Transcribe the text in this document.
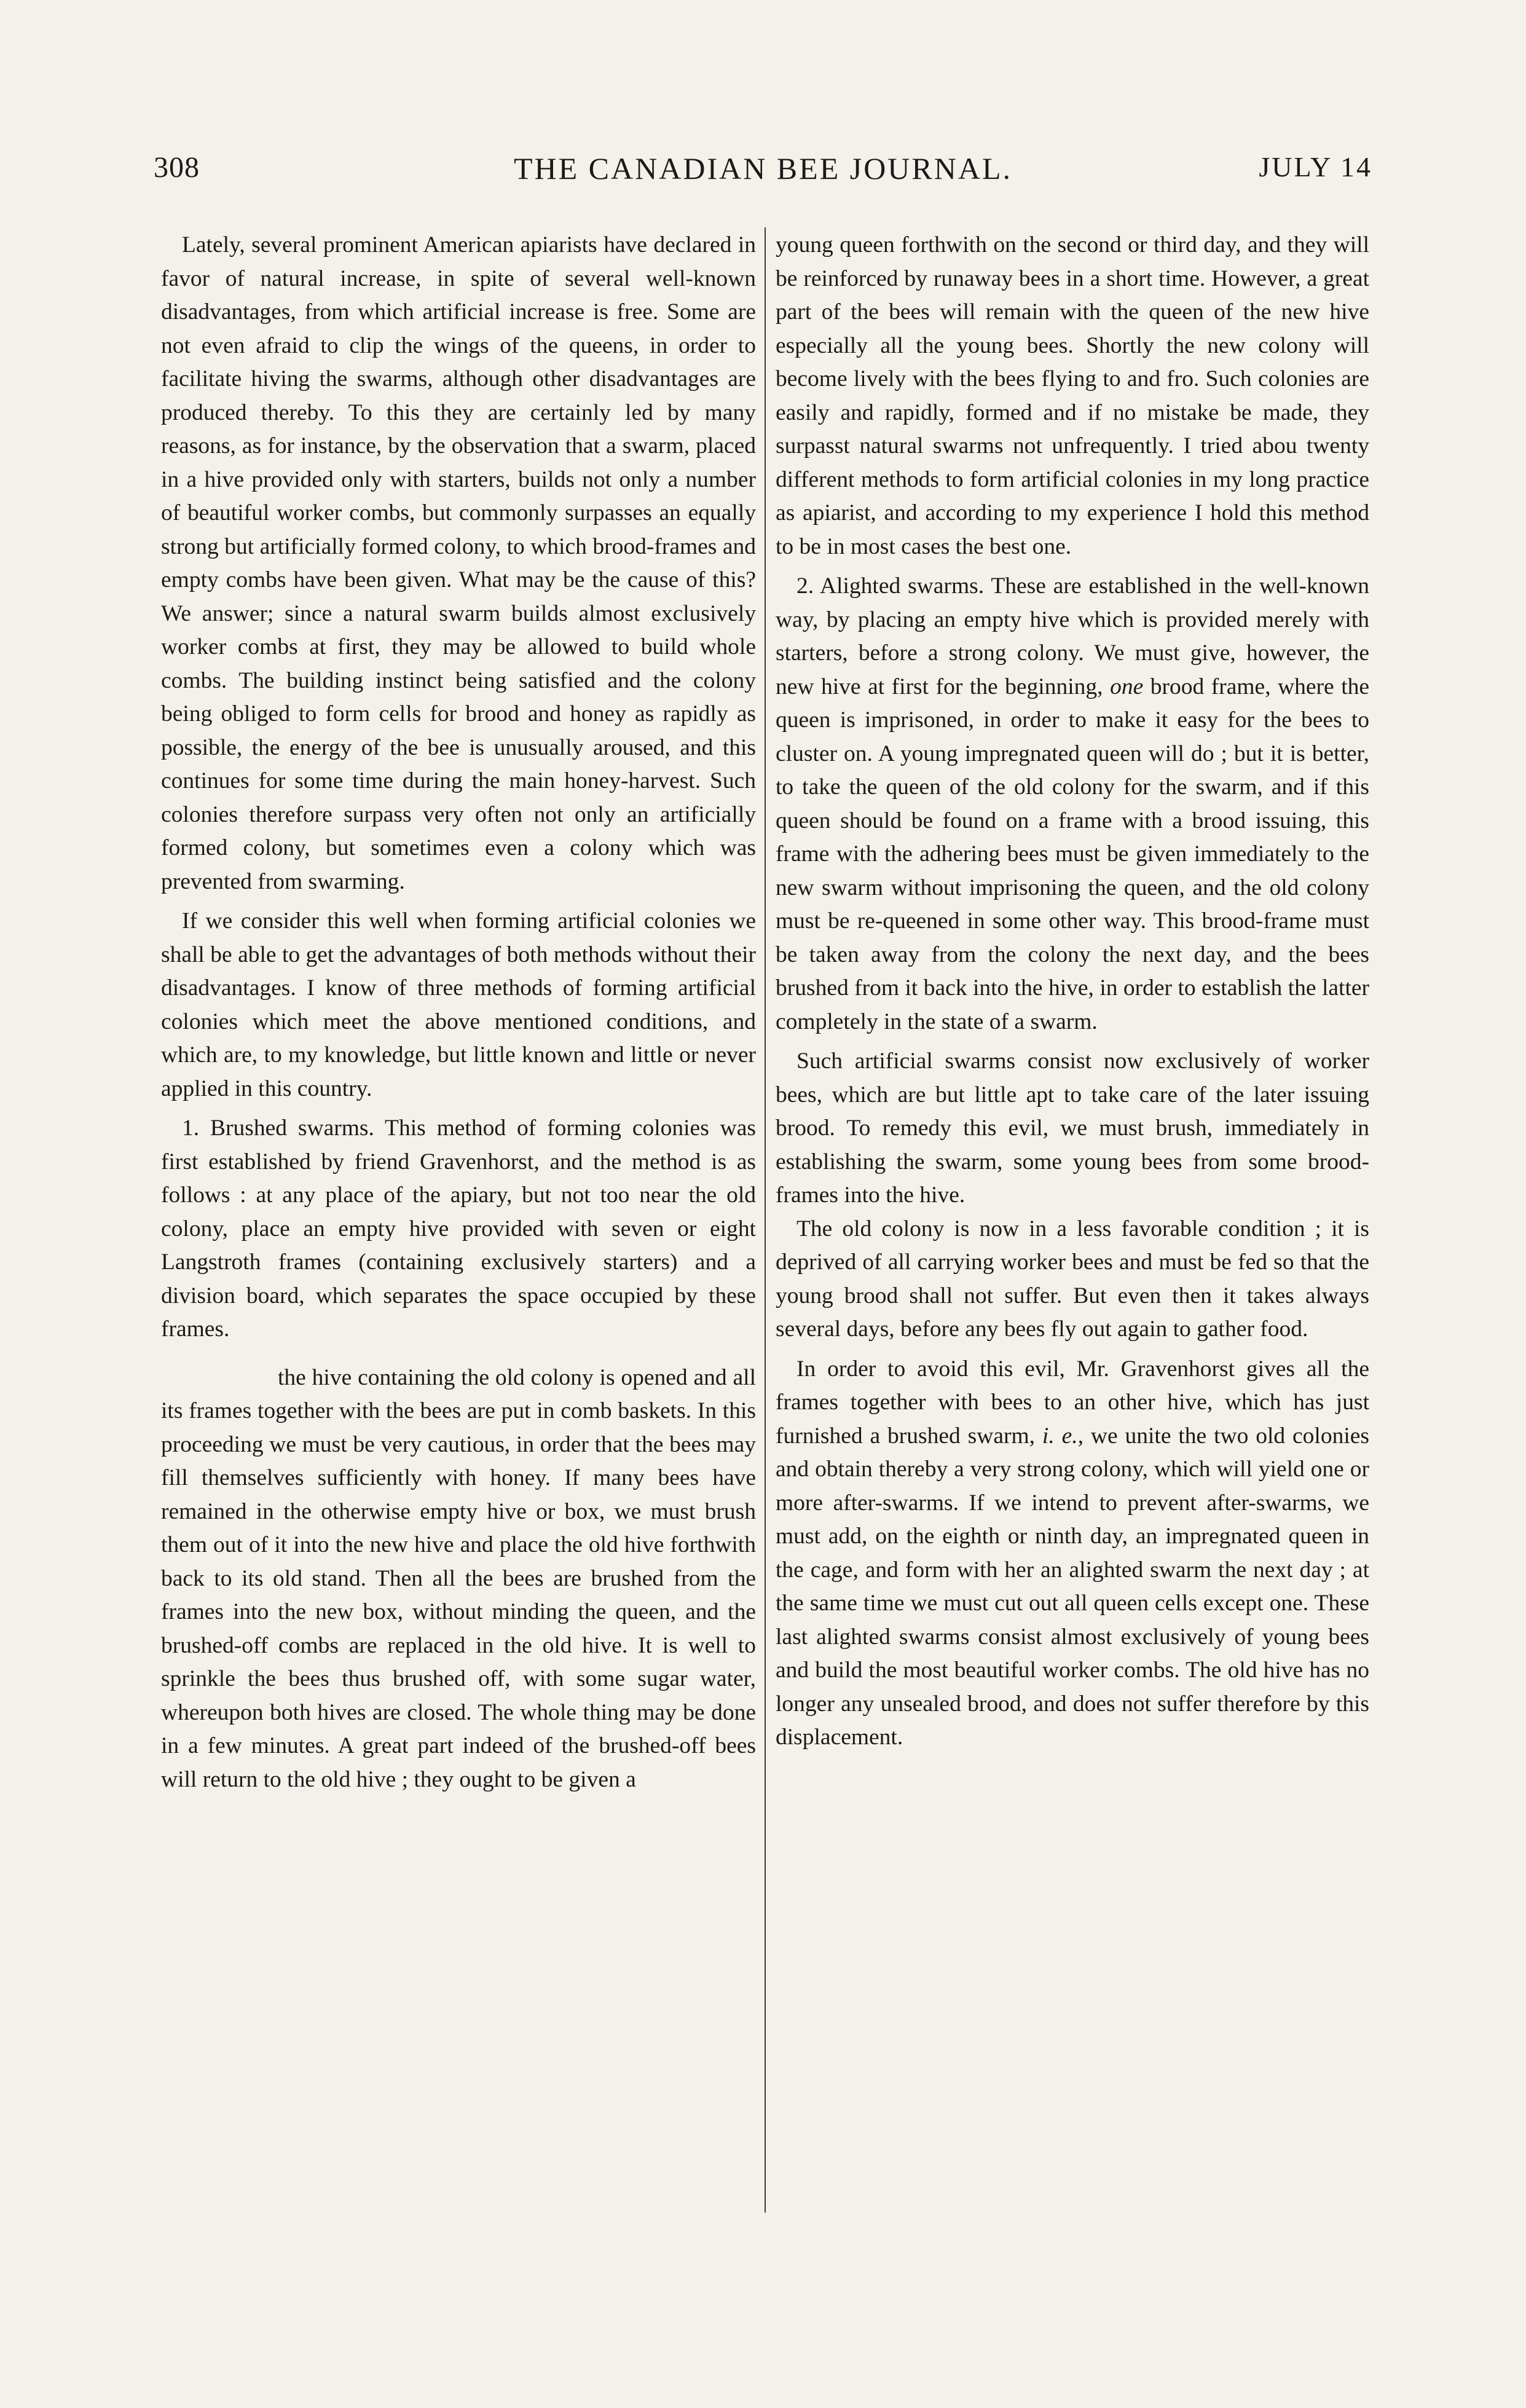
308	THE CANADIAN BEE JOURNAL.	JULY 14

Lately, several prominent American apiarists have declared in favor of natural increase, in spite of several well-known disadvantages, from which artificial increase is free. Some are not even afraid to clip the wings of the queens, in order to facilitate hiving the swarms, although other disadvantages are produced thereby. To this they are certainly led by many reasons, as for instance, by the observation that a swarm, placed in a hive provided only with starters, builds not only a number of beautiful worker combs, but commonly surpasses an equally strong but artificially formed colony, to which brood-frames and empty combs have been given. What may be the cause of this? We answer; since a natural swarm builds almost exclusively worker combs at first, they may be allowed to build whole combs. The building instinct being satisfied and the colony being obliged to form cells for brood and honey as rapidly as possible, the energy of the bee is unusually aroused, and this continues for some time during the main honey-harvest. Such colonies therefore surpass very often not only an artificially formed colony, but sometimes even a colony which was prevented from swarming.

If we consider this well when forming artificial colonies we shall be able to get the advantages of both methods without their disadvantages. I know of three methods of forming artificial colonies which meet the above mentioned conditions, and which are, to my knowledge, but little known and little or never applied in this country.

1. Brushed swarms. This method of forming colonies was first established by friend Gravenhorst, and the method is as follows : at any place of the apiary, but not too near the old colony, place an empty hive provided with seven or eight Langstroth frames (containing exclusively starters) and a division board, which separates the space occupied by these frames.

the hive containing the old colony is opened and all its frames together with the bees are put in comb baskets. In this proceeding we must be very cautious, in order that the bees may fill themselves sufficiently with honey. If many bees have remained in the otherwise empty hive or box, we must brush them out of it into the new hive and place the old hive forthwith back to its old stand. Then all the bees are brushed from the frames into the new box, without minding the queen, and the brushed-off combs are replaced in the old hive. It is well to sprinkle the bees thus brushed off, with some sugar water, whereupon both hives are closed. The whole thing may be done in a few minutes. A great part indeed of the brushed-off bees will return to the old hive ; they ought to be given a

young queen forthwith on the second or third day, and they will be reinforced by runaway bees in a short time. However, a great part of the bees will remain with the queen of the new hive especially all the young bees. Shortly the new colony will become lively with the bees flying to and fro. Such colonies are easily and rapidly, formed and if no mistake be made, they surpasst natural swarms not unfrequently. I tried abou twenty different methods to form artificial colonies in my long practice as apiarist, and according to my experience I hold this method to be in most cases the best one.

2. Alighted swarms. These are established in the well-known way, by placing an empty hive which is provided merely with starters, before a strong colony. We must give, however, the new hive at first for the beginning, one brood frame, where the queen is imprisoned, in order to make it easy for the bees to cluster on. A young impregnated queen will do ; but it is better, to take the queen of the old colony for the swarm, and if this queen should be found on a frame with a brood issuing, this frame with the adhering bees must be given immediately to the new swarm without imprisoning the queen, and the old colony must be re-queened in some other way. This brood-frame must be taken away from the colony the next day, and the bees brushed from it back into the hive, in order to establish the latter completely in the state of a swarm.

Such artificial swarms consist now exclusively of worker bees, which are but little apt to take care of the later issuing brood. To remedy this evil, we must brush, immediately in establishing the swarm, some young bees from some brood-frames into the hive.

The old colony is now in a less favorable condition ; it is deprived of all carrying worker bees and must be fed so that the young brood shall not suffer. But even then it takes always several days, before any bees fly out again to gather food.

In order to avoid this evil, Mr. Gravenhorst gives all the frames together with bees to an other hive, which has just furnished a brushed swarm, i. e., we unite the two old colonies and obtain thereby a very strong colony, which will yield one or more after-swarms. If we intend to prevent after-swarms, we must add, on the eighth or ninth day, an impregnated queen in the cage, and form with her an alighted swarm the next day ; at the same time we must cut out all queen cells except one. These last alighted swarms consist almost exclusively of young bees and build the most beautiful worker combs. The old hive has no longer any unsealed brood, and does not suffer therefore by this displacement.
